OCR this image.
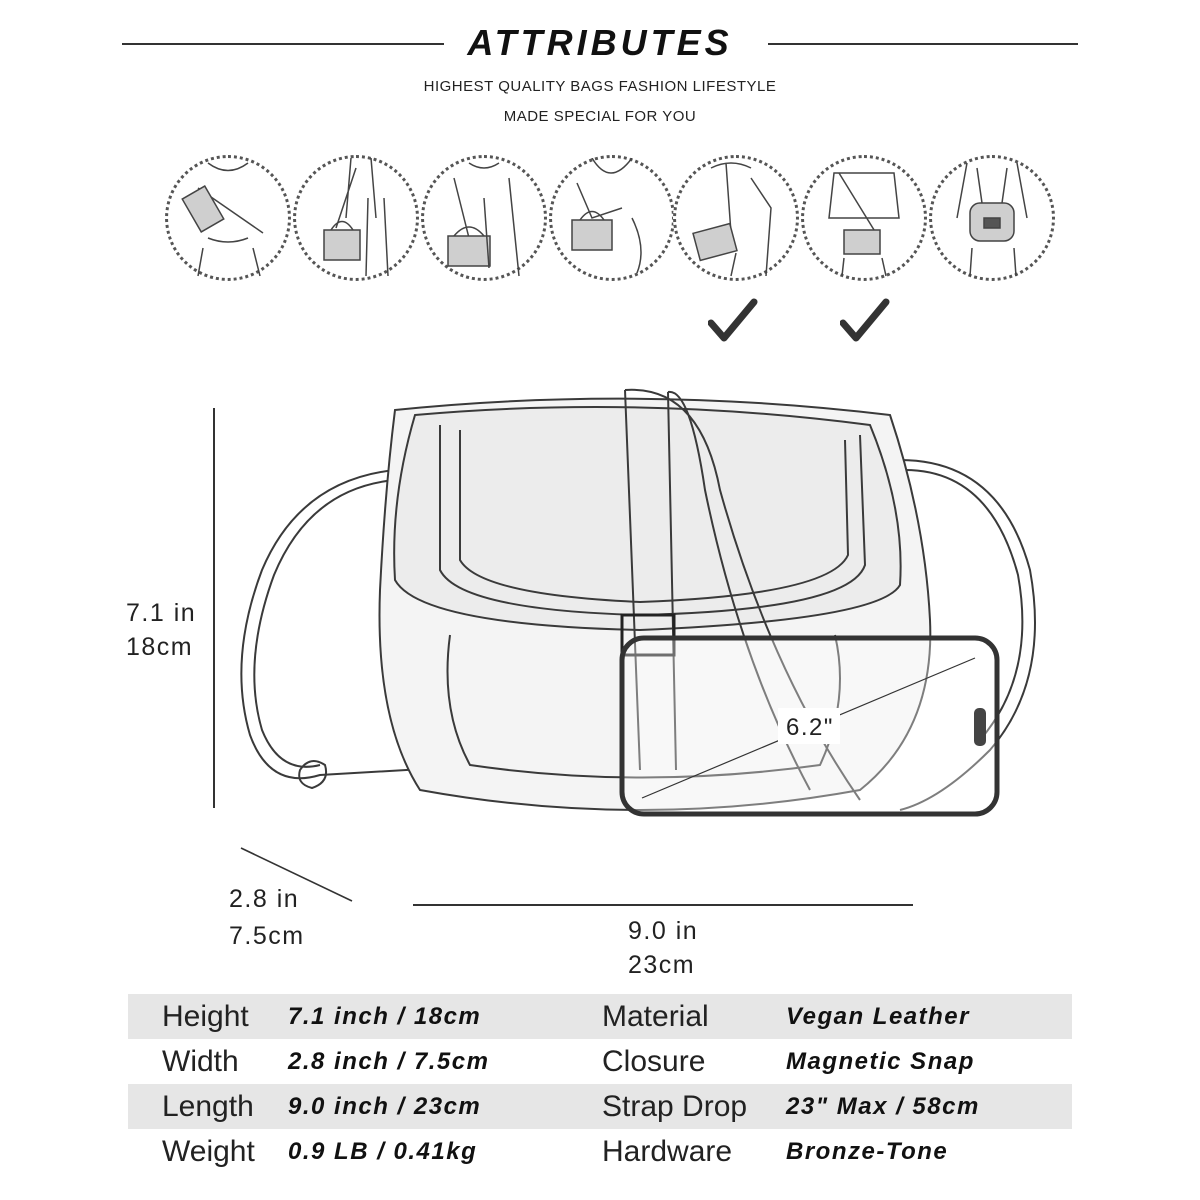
ATTRIBUTES
HIGHEST QUALITY BAGS FASHION LIFESTYLE
MADE SPECIAL FOR YOU
6.2"
7.1 in
18cm
2.8 in
7.5cm	9.0 in
23cm
Height	7.1 inch / 18cm	Material	Vegan Leather
Width	2.8 inch / 7.5cm	Closure	Magnetic Snap
Length	9.0 inch / 23cm	Strap Drop	23" Max / 58cm
Weight	0.9 LB / 0.41kg	Hardware	Bronze-Tone
